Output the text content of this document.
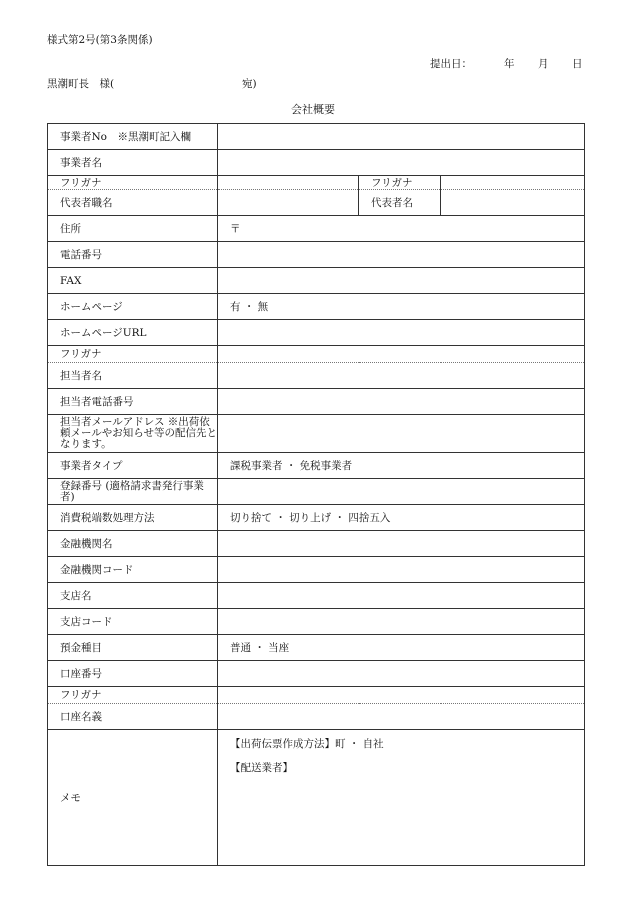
様式第2号(第3条関係)
提出日：	年 月 日
黒潮町長　様(	宛)
会社概要
事業者No　※黒潮町記入欄			
事業者名			
フリガナ		フリガナ	
代表者職名		代表者名	
住所	〒		
電話番号			
FAX			
ホームページ	有 ・ 無		
ホームページURL			
フリガナ			
担当者名			
担当者電話番号			
担当者メールアドレス ※出荷依頼メールやお知らせ等の配信先となります。			
事業者タイプ	課税事業者 ・ 免税事業者		
登録番号 (適格請求書発行事業者)			
消費税端数処理方法	切り捨て ・ 切り上げ ・ 四捨五入		
金融機関名			
金融機関コード			
支店名			
支店コード			
預金種目	普通 ・ 当座		
口座番号			
フリガナ			
口座名義			
メモ	【出荷伝票作成方法】町 ・ 自社
【配送業者】		
